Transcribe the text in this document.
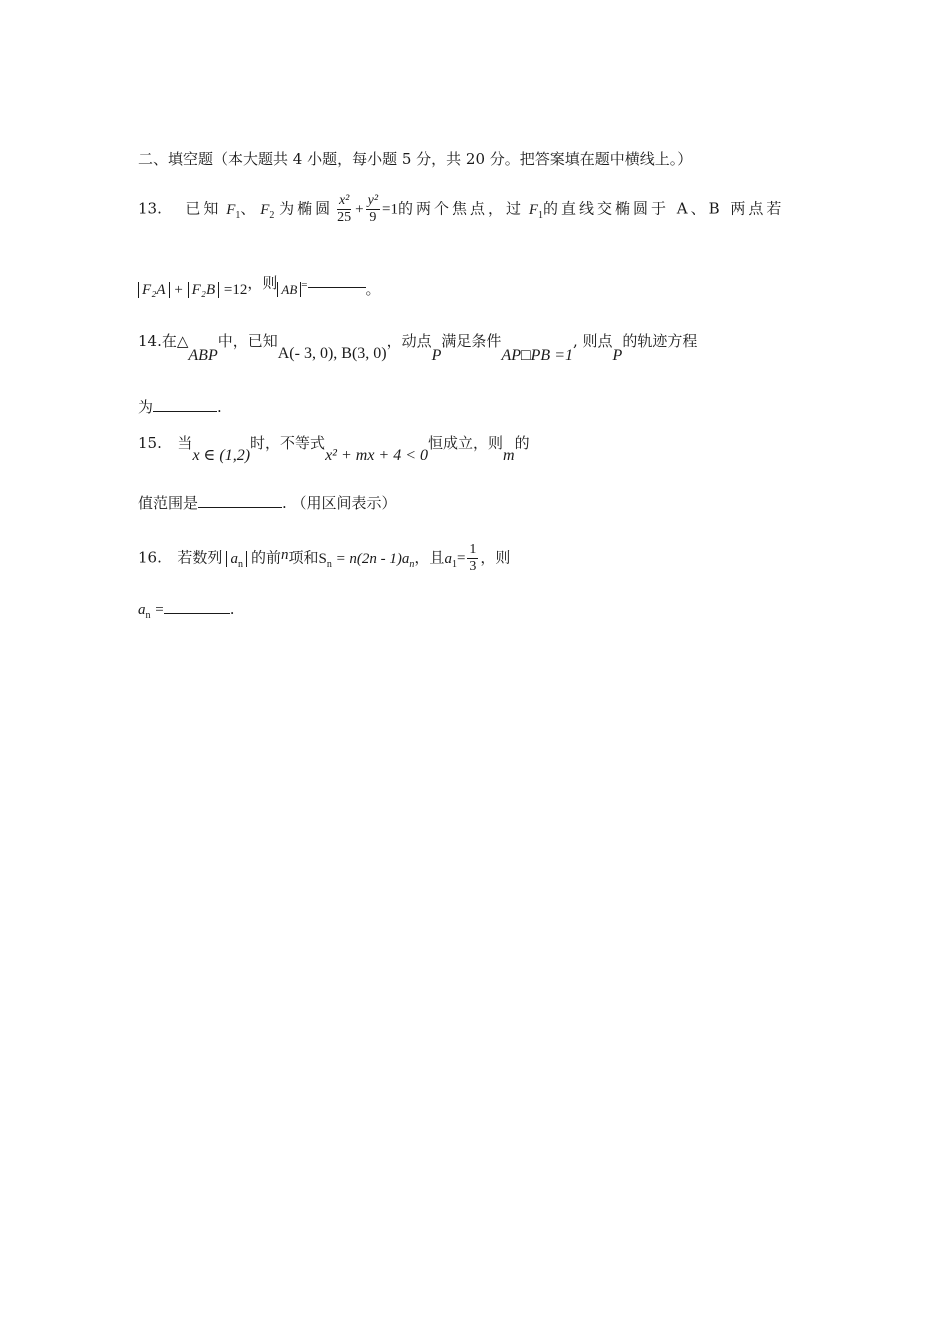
二、填空题（本大题共 4 小题，每小题 5 分，共 20 分。把答案填在题中横线上。）
13. 已知 $F_1$、 $F_2$ 为椭圆 $\frac{\text{x²}}{25} + \frac{\text{y²}}{9} =1$的两个焦点，过 $F_1$的直线交椭圆于 A、B 两点若
F₂A + F₂B =12，则 AB =	。
14.在△ABP中，已知A(- 3, 0), B(3, 0)，动点P满足条件AP□PB =1, 则点P的轨迹方程
为	.
15. 当x ∈ (1,2)时，不等式x² + mx + 4 < 0恒成立，则m的
值范围是	. （用区间表示）
16. 若数列 $a_n$ 的前n项和$S_n = n(2n - 1)a_n$，且$a_1= \frac{1}{3}$ ，则
$a_n$ =	.
